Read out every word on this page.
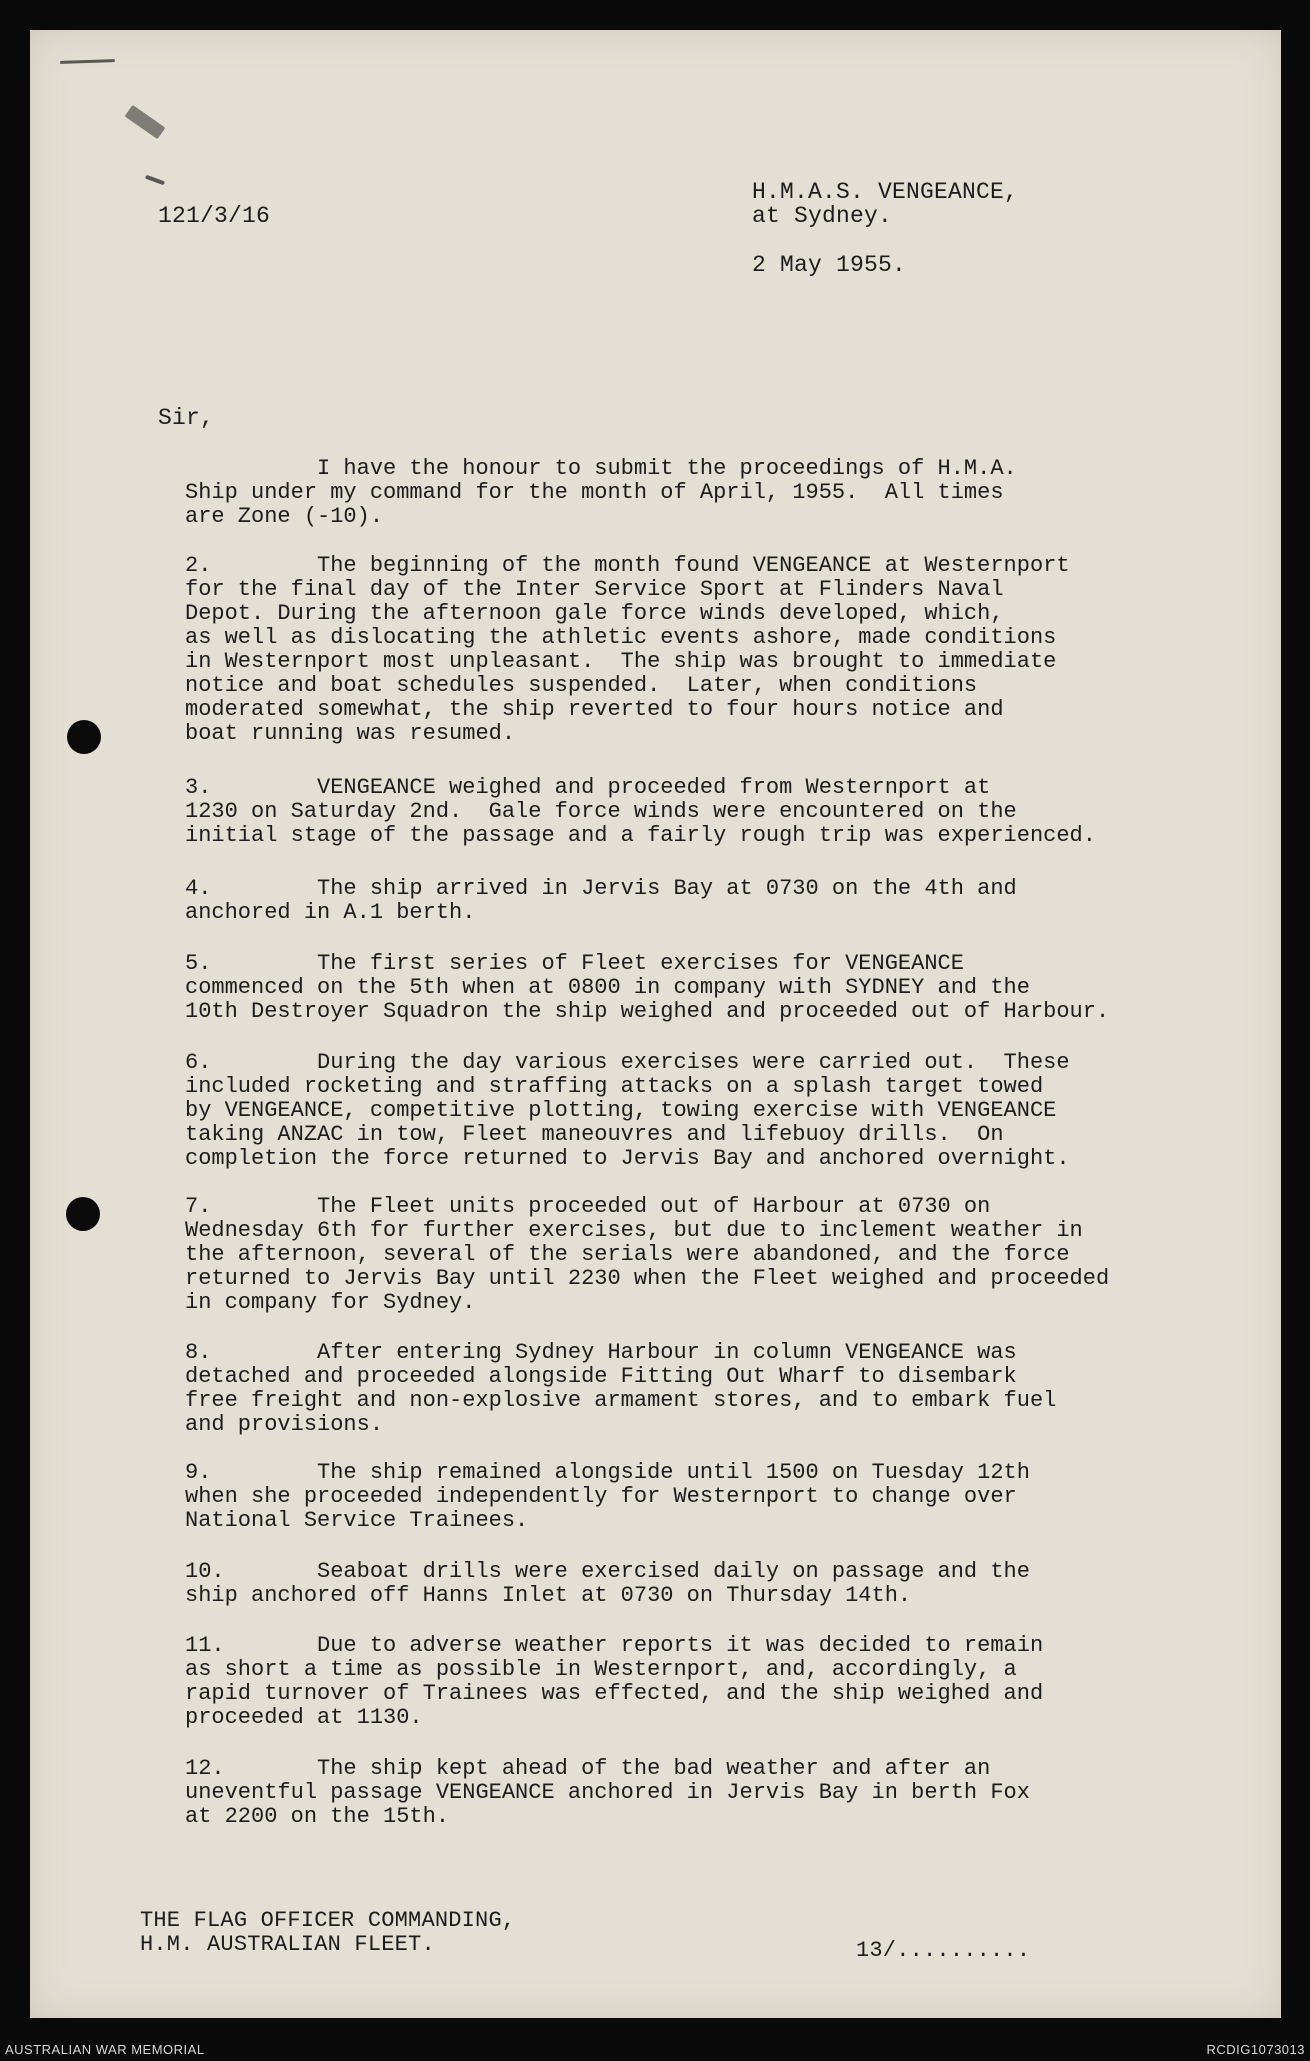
121/3/16
H.M.A.S. VENGEANCE,
at Sydney.
2 May 1955.
Sir,
I have the honour to submit the proceedings of H.M.A.
Ship under my command for the month of April, 1955.  All times
are Zone (-10).
2.        The beginning of the month found VENGEANCE at Westernport
for the final day of the Inter Service Sport at Flinders Naval
Depot. During the afternoon gale force winds developed, which,
as well as dislocating the athletic events ashore, made conditions
in Westernport most unpleasant.  The ship was brought to immediate
notice and boat schedules suspended.  Later, when conditions
moderated somewhat, the ship reverted to four hours notice and
boat running was resumed.
3.        VENGEANCE weighed and proceeded from Westernport at
1230 on Saturday 2nd.  Gale force winds were encountered on the
initial stage of the passage and a fairly rough trip was experienced.
4.        The ship arrived in Jervis Bay at 0730 on the 4th and
anchored in A.1 berth.
5.        The first series of Fleet exercises for VENGEANCE
commenced on the 5th when at 0800 in company with SYDNEY and the
10th Destroyer Squadron the ship weighed and proceeded out of Harbour.
6.        During the day various exercises were carried out.  These
included rocketing and straffing attacks on a splash target towed
by VENGEANCE, competitive plotting, towing exercise with VENGEANCE
taking ANZAC in tow, Fleet maneouvres and lifebuoy drills.  On
completion the force returned to Jervis Bay and anchored overnight.
7.        The Fleet units proceeded out of Harbour at 0730 on
Wednesday 6th for further exercises, but due to inclement weather in
the afternoon, several of the serials were abandoned, and the force
returned to Jervis Bay until 2230 when the Fleet weighed and proceeded
in company for Sydney.
8.        After entering Sydney Harbour in column VENGEANCE was
detached and proceeded alongside Fitting Out Wharf to disembark
free freight and non-explosive armament stores, and to embark fuel
and provisions.
9.        The ship remained alongside until 1500 on Tuesday 12th
when she proceeded independently for Westernport to change over
National Service Trainees.
10.       Seaboat drills were exercised daily on passage and the
ship anchored off Hanns Inlet at 0730 on Thursday 14th.
11.       Due to adverse weather reports it was decided to remain
as short a time as possible in Westernport, and, accordingly, a
rapid turnover of Trainees was effected, and the ship weighed and
proceeded at 1130.
12.       The ship kept ahead of the bad weather and after an
uneventful passage VENGEANCE anchored in Jervis Bay in berth Fox
at 2200 on the 15th.
THE FLAG OFFICER COMMANDING,
H.M. AUSTRALIAN FLEET.	13/..........
AUSTRALIAN WAR MEMORIAL	RCDIG1073013
